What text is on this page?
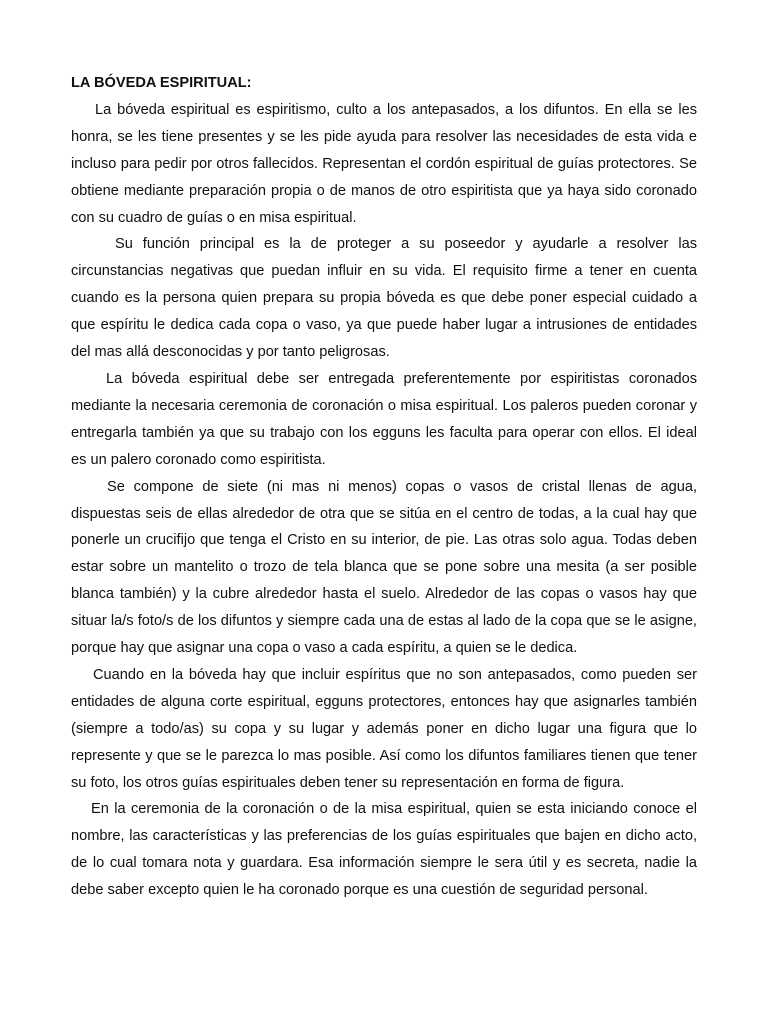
LA BÓVEDA ESPIRITUAL:

La bóveda espiritual es espiritismo, culto a los antepasados, a los difuntos. En ella se les honra, se les tiene presentes y se les pide ayuda para resolver las necesidades de esta vida e incluso para pedir por otros fallecidos. Representan el cordón espiritual de guías protectores. Se obtiene mediante preparación propia o de manos de otro espiritista que ya haya sido coronado con su cuadro de guías o en misa espiritual.

Su función principal es la de proteger a su poseedor y ayudarle a resolver las circunstancias negativas que puedan influir en su vida. El requisito firme a tener en cuenta cuando es la persona quien prepara su propia bóveda es que debe poner especial cuidado a que espíritu le dedica cada copa o vaso, ya que puede haber lugar a intrusiones de entidades del mas allá desconocidas y por tanto peligrosas.

La bóveda espiritual debe ser entregada preferentemente por espiritistas coronados mediante la necesaria ceremonia de coronación o misa espiritual. Los paleros pueden coronar y entregarla también ya que su trabajo con los egguns les faculta para operar con ellos. El ideal es un palero coronado como espiritista.

Se compone de siete (ni mas ni menos) copas o vasos de cristal llenas de agua, dispuestas seis de ellas alrededor de otra que se sitúa en el centro de todas, a la cual hay que ponerle un crucifijo que tenga el Cristo en su interior, de pie. Las otras solo agua. Todas deben estar sobre un mantelito o trozo de tela blanca que se pone sobre una mesita (a ser posible blanca también) y la cubre alrededor hasta el suelo. Alrededor de las copas o vasos hay que situar la/s foto/s de los difuntos y siempre cada una de estas al lado de la copa que se le asigne, porque hay que asignar una copa o vaso a cada espíritu, a quien se le dedica.

Cuando en la bóveda hay que incluir espíritus que no son antepasados, como pueden ser entidades de alguna corte espiritual, egguns protectores, entonces hay que asignarles también (siempre a todo/as) su copa y su lugar y además poner en dicho lugar una figura que lo represente y que se le parezca lo mas posible. Así como los difuntos familiares tienen que tener su foto, los otros guías espirituales deben tener su representación en forma de figura.

En la ceremonia de la coronación o de la misa espiritual, quien se esta iniciando conoce el nombre, las características y las preferencias de los guías espirituales que bajen en dicho acto, de lo cual tomara nota y guardara. Esa información siempre le sera útil y es secreta, nadie la debe saber excepto quien le ha coronado porque es una cuestión de seguridad personal.
